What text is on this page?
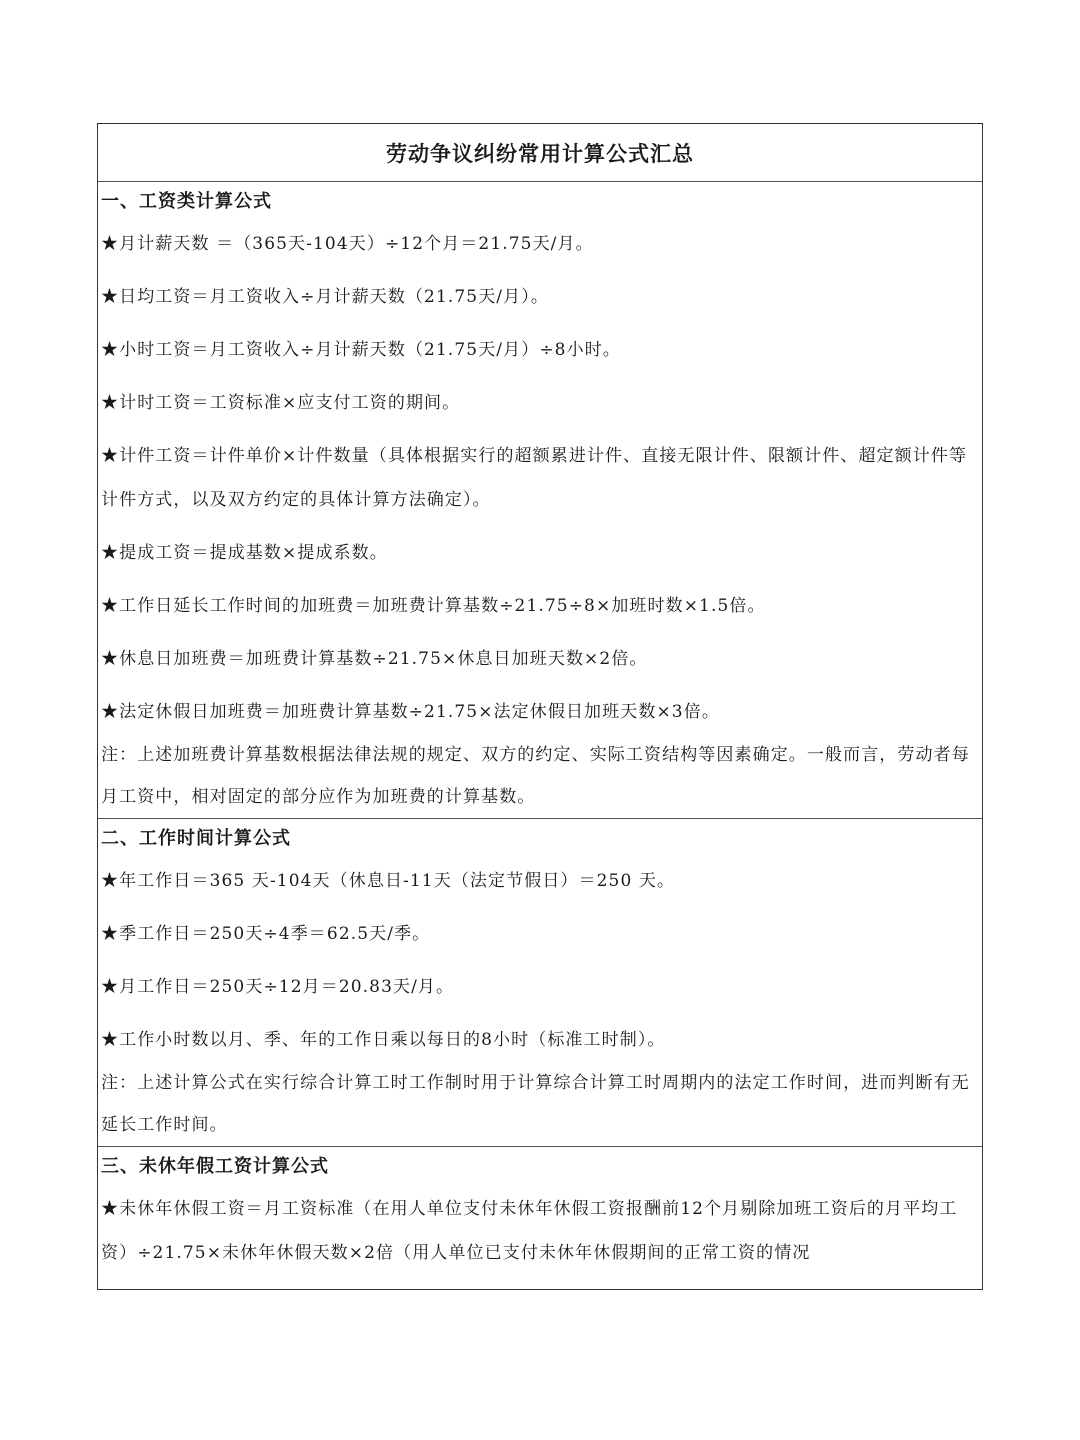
劳动争议纠纷常用计算公式汇总
一、工资类计算公式
★月计薪天数 ＝（365天-104天）÷12个月＝21.75天/月。
★日均工资＝月工资收入÷月计薪天数（21.75天/月）。
★小时工资＝月工资收入÷月计薪天数（21.75天/月）÷8小时。
★计时工资＝工资标准×应支付工资的期间。
★计件工资＝计件单价×计件数量（具体根据实行的超额累进计件、直接无限计件、限额计件、超定额计件等计件方式，以及双方约定的具体计算方法确定）。
★提成工资＝提成基数×提成系数。
★工作日延长工作时间的加班费＝加班费计算基数÷21.75÷8×加班时数×1.5倍。
★休息日加班费＝加班费计算基数÷21.75×休息日加班天数×2倍。
★法定休假日加班费＝加班费计算基数÷21.75×法定休假日加班天数×3倍。
注：上述加班费计算基数根据法律法规的规定、双方的约定、实际工资结构等因素确定。一般而言，劳动者每月工资中，相对固定的部分应作为加班费的计算基数。
二、工作时间计算公式
★年工作日＝365 天-104天（休息日-11天（法定节假日）＝250 天。
★季工作日＝250天÷4季＝62.5天/季。
★月工作日＝250天÷12月＝20.83天/月。
★工作小时数以月、季、年的工作日乘以每日的8小时（标准工时制）。
注：上述计算公式在实行综合计算工时工作制时用于计算综合计算工时周期内的法定工作时间，进而判断有无延长工作时间。
三、未休年假工资计算公式
★未休年休假工资＝月工资标准（在用人单位支付未休年休假工资报酬前12个月剔除加班工资后的月平均工资）÷21.75×未休年休假天数×2倍（用人单位已支付未休年休假期间的正常工资的情况
